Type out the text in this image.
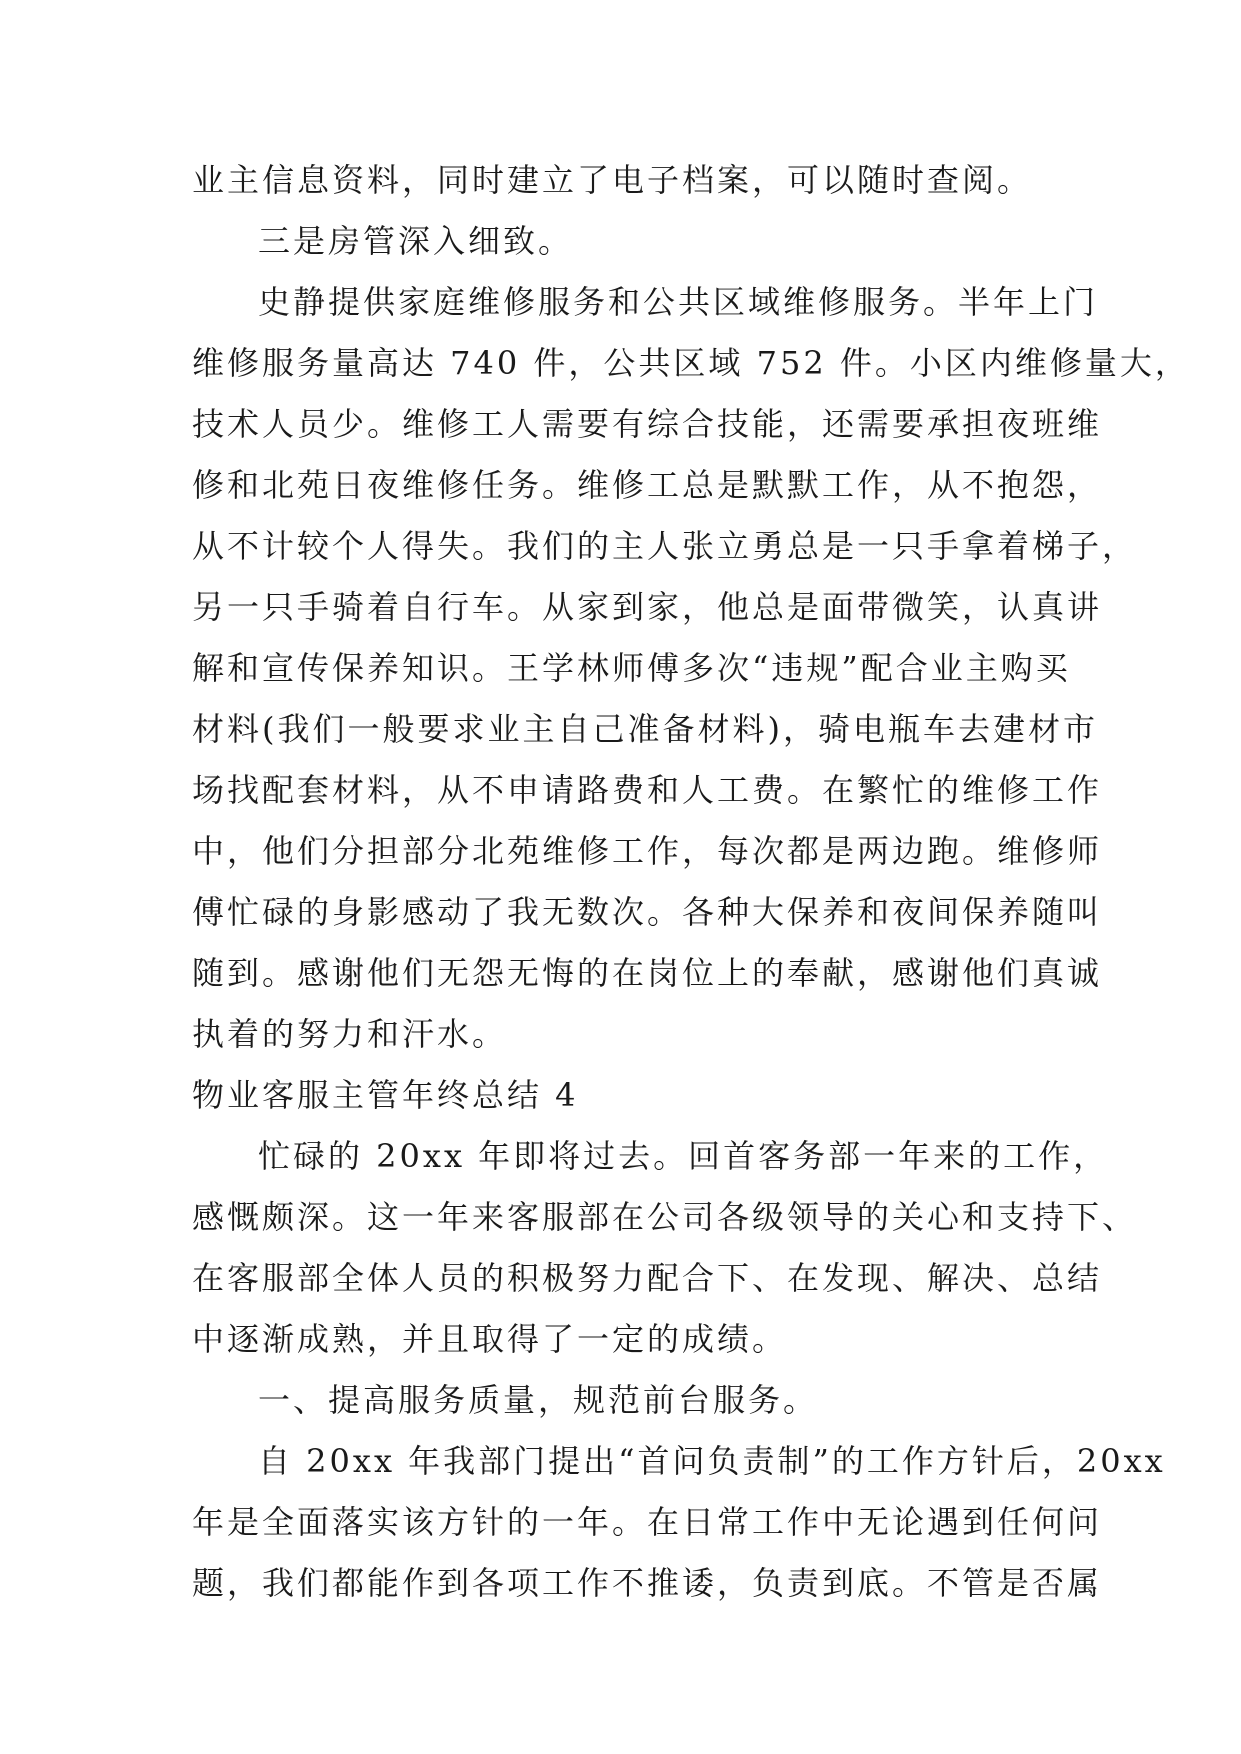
业主信息资料，同时建立了电子档案，可以随时查阅。
三是房管深入细致。
史静提供家庭维修服务和公共区域维修服务。半年上门
维修服务量高达 740 件，公共区域 752 件。小区内维修量大，
技术人员少。维修工人需要有综合技能，还需要承担夜班维
修和北苑日夜维修任务。维修工总是默默工作，从不抱怨，
从不计较个人得失。我们的主人张立勇总是一只手拿着梯子，
另一只手骑着自行车。从家到家，他总是面带微笑，认真讲
解和宣传保养知识。王学林师傅多次“违规”配合业主购买
材料(我们一般要求业主自己准备材料)，骑电瓶车去建材市
场找配套材料，从不申请路费和人工费。在繁忙的维修工作
中，他们分担部分北苑维修工作，每次都是两边跑。维修师
傅忙碌的身影感动了我无数次。各种大保养和夜间保养随叫
随到。感谢他们无怨无悔的在岗位上的奉献，感谢他们真诚
执着的努力和汗水。
物业客服主管年终总结 4
忙碌的 20xx 年即将过去。回首客务部一年来的工作，
感慨颇深。这一年来客服部在公司各级领导的关心和支持下、
在客服部全体人员的积极努力配合下、在发现、解决、总结
中逐渐成熟，并且取得了一定的成绩。
一、提高服务质量，规范前台服务。
自 20xx 年我部门提出“首问负责制”的工作方针后，20xx
年是全面落实该方针的一年。在日常工作中无论遇到任何问
题，我们都能作到各项工作不推诿，负责到底。不管是否属
